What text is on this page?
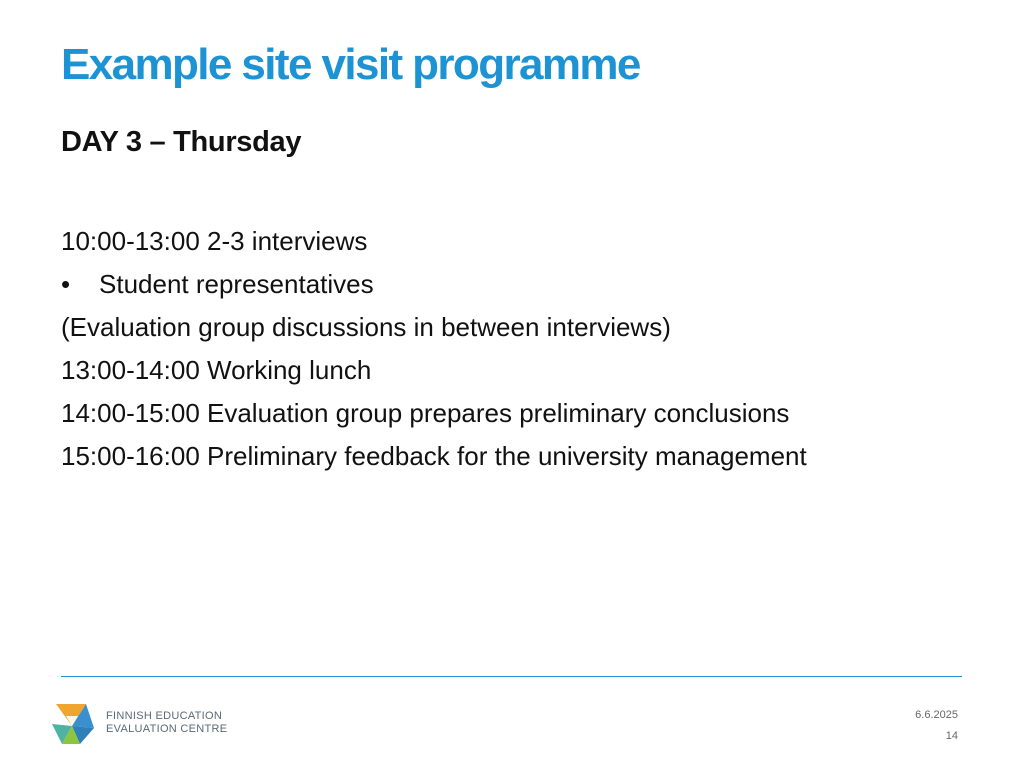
Example site visit programme
DAY 3 – Thursday
10:00-13:00 2-3 interviews
•	Student representatives
(Evaluation group discussions in between interviews)
13:00-14:00 Working lunch
14:00-15:00 Evaluation group prepares preliminary conclusions
15:00-16:00 Preliminary feedback for the university management
FINNISH EDUCATION
EVALUATION CENTRE
6.6.2025
14
